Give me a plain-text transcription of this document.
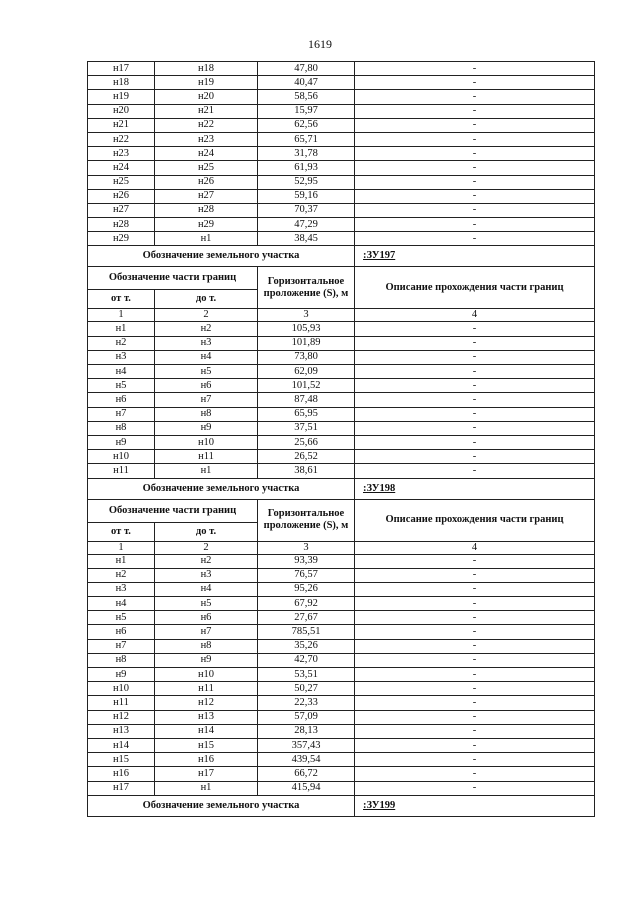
1619
н17	н18	47,80	-
н18	н19	40,47	-
н19	н20	58,56	-
н20	н21	15,97	-
н21	н22	62,56	-
н22	н23	65,71	-
н23	н24	31,78	-
н24	н25	61,93	-
н25	н26	52,95	-
н26	н27	59,16	-
н27	н28	70,37	-
н28	н29	47,29	-
н29	н1	38,45	-
Обозначение земельного участка			:ЗУ197
Обозначение части границ		Горизонтальное проложение (S), м	Описание прохождения части границ
от т.	до т.		
1	2	3	4
н1	н2	105,93	-
н2	н3	101,89	-
н3	н4	73,80	-
н4	н5	62,09	-
н5	н6	101,52	-
н6	н7	87,48	-
н7	н8	65,95	-
н8	н9	37,51	-
н9	н10	25,66	-
н10	н11	26,52	-
н11	н1	38,61	-
Обозначение земельного участка			:ЗУ198
Обозначение части границ		Горизонтальное проложение (S), м	Описание прохождения части границ
от т.	до т.		
1	2	3	4
н1	н2	93,39	-
н2	н3	76,57	-
н3	н4	95,26	-
н4	н5	67,92	-
н5	н6	27,67	-
н6	н7	785,51	-
н7	н8	35,26	-
н8	н9	42,70	-
н9	н10	53,51	-
н10	н11	50,27	-
н11	н12	22,33	-
н12	н13	57,09	-
н13	н14	28,13	-
н14	н15	357,43	-
н15	н16	439,54	-
н16	н17	66,72	-
н17	н1	415,94	-
Обозначение земельного участка			:ЗУ199
